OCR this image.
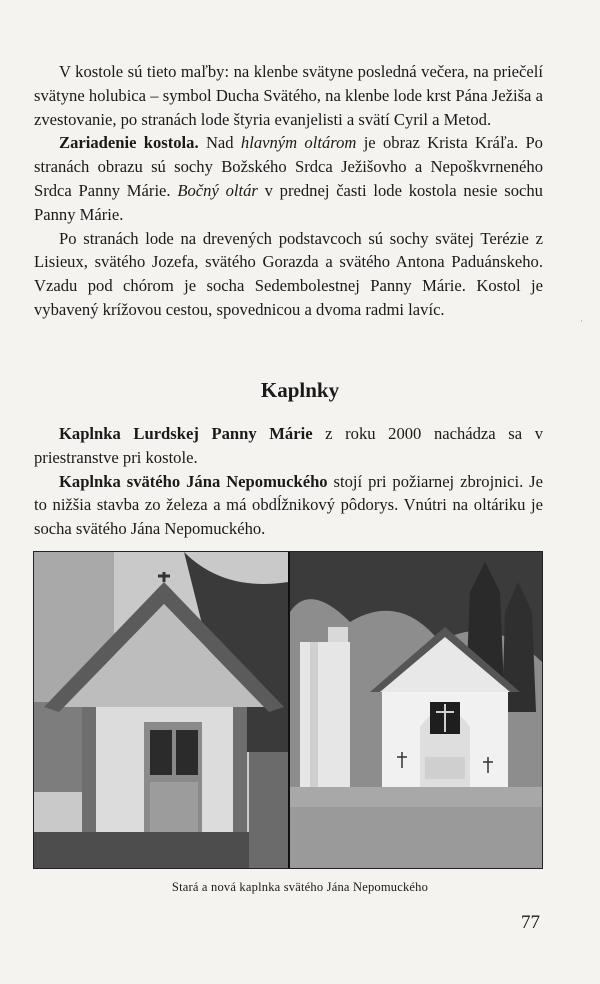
V kostole sú tieto maľby: na klenbe svätyne posledná večera, na priečelí svätyne holubica – symbol Ducha Svätého, na klenbe lode krst Pána Ježiša a zvestovanie, po stranách lode štyria evanjelisti a svätí Cyril a Metod.

Zariadenie kostola. Nad hlavným oltárom je obraz Krista Kráľa. Po stranách obrazu sú sochy Božského Srdca Ježišovho a Nepoškvrneného Srdca Panny Márie. Bočný oltár v prednej časti lode kostola nesie sochu Panny Márie.

Po stranách lode na drevených podstavcoch sú sochy svätej Terézie z Lisieux, svätého Jozefa, svätého Gorazda a svätého Antona Paduánskeho. Vzadu pod chórom je socha Sedembolestnej Panny Márie. Kostol je vybavený krížovou cestou, spovednicou a dvoma radmi lavíc.

Kaplnky

Kaplnka Lurdskej Panny Márie z roku 2000 nachádza sa v priestranstve pri kostole.

Kaplnka svätého Jána Nepomuckého stojí pri požiarnej zbrojnici. Je to nižšia stavba zo železa a má obdĺžnikový pôdorys. Vnútri na oltáriku je socha svätého Jána Nepomuckého.

Stará a nová kaplnka svätého Jána Nepomuckého
77
·
